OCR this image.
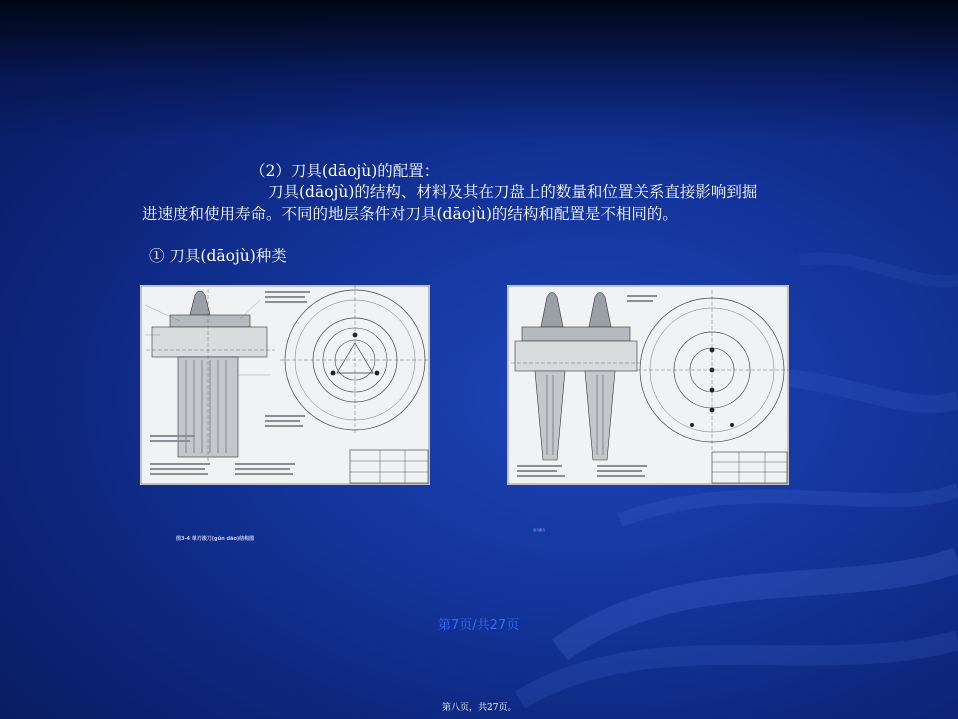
（2）刀具(dāojù)的配置：
刀具(dāojù)的结构、材料及其在刀盘上的数量和位置关系直接影响到掘
进速度和使用寿命。不同的地层条件对刀具(dāojù)的结构和配置是不相同的。
① 刀具(dāojù)种类
图3-4 单刃滚刀(gǔn dāo)结构图
双刃滚刀
第7页/共27页
第八页，共27页。
